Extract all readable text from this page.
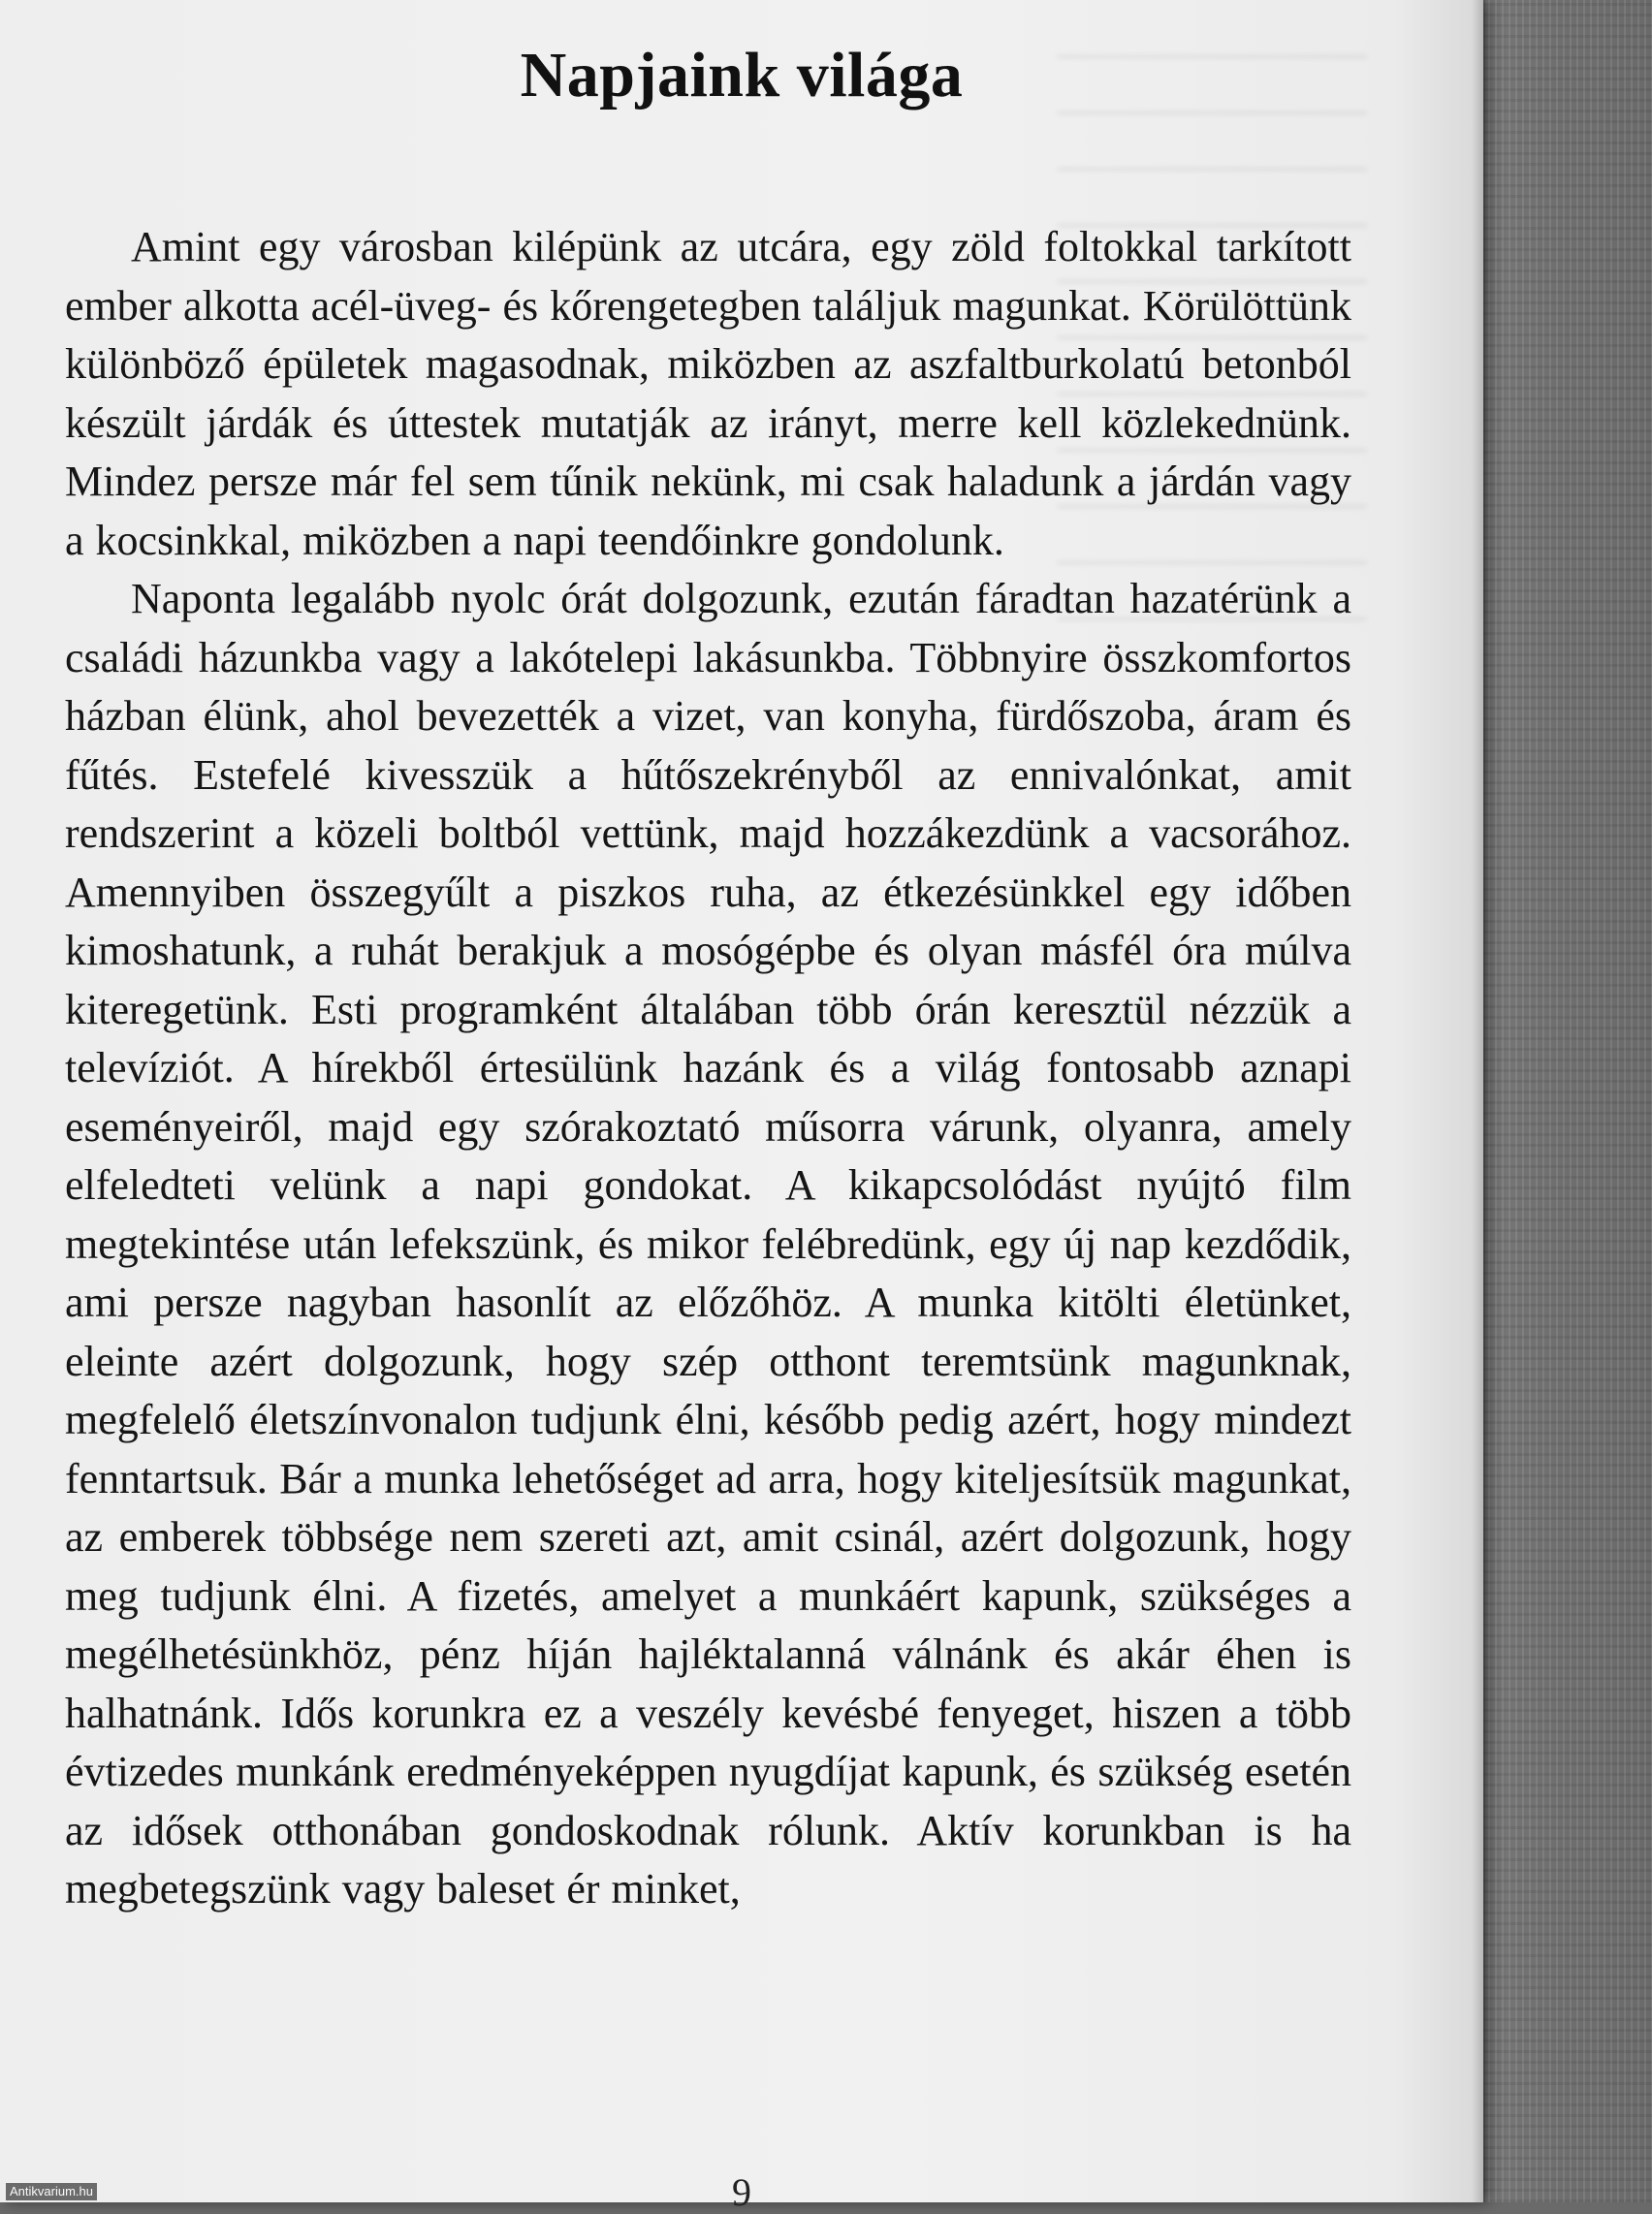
Napjaink világa

Amint egy városban kilépünk az utcára, egy zöld foltokkal tarkított ember alkotta acél-üveg- és kőrengetegben találjuk magunkat. Körülöttünk különböző épületek magasodnak, miközben az aszfaltburkolatú betonból készült járdák és úttestek mutatják az irányt, merre kell közlekednünk. Mindez persze már fel sem tűnik nekünk, mi csak haladunk a járdán vagy a kocsinkkal, miközben a napi teendőinkre gondolunk.

Naponta legalább nyolc órát dolgozunk, ezután fáradtan hazatérünk a családi házunkba vagy a lakótelepi lakásunkba. Többnyire összkomfortos házban élünk, ahol bevezették a vizet, van konyha, fürdőszoba, áram és fűtés. Estefelé kivesszük a hűtőszekrényből az ennivalónkat, amit rendszerint a közeli boltból vettünk, majd hozzákezdünk a vacsorához. Amennyiben összegyűlt a piszkos ruha, az étkezésünkkel egy időben kimoshatunk, a ruhát berakjuk a mosógépbe és olyan másfél óra múlva kiteregetünk. Esti programként általában több órán keresztül nézzük a televíziót. A hírekből értesülünk hazánk és a világ fontosabb aznapi eseményeiről, majd egy szórakoztató műsorra várunk, olyanra, amely elfeledteti velünk a napi gondokat. A kikapcsolódást nyújtó film megtekintése után lefekszünk, és mikor felébredünk, egy új nap kezdődik, ami persze nagyban hasonlít az előzőhöz. A munka kitölti életünket, eleinte azért dolgozunk, hogy szép otthont teremtsünk magunknak, megfelelő életszínvonalon tudjunk élni, később pedig azért, hogy mindezt fenntartsuk. Bár a munka lehetőséget ad arra, hogy kiteljesítsük magunkat, az emberek többsége nem szereti azt, amit csinál, azért dolgozunk, hogy meg tudjunk élni. A fizetés, amelyet a munkáért kapunk, szükséges a megélhetésünkhöz, pénz híján hajléktalanná válnánk és akár éhen is halhatnánk. Idős korunkra ez a veszély kevésbé fenyeget, hiszen a több évtizedes munkánk eredményeképpen nyugdíjat kapunk, és szükség esetén az idősek otthonában gondoskodnak rólunk. Aktív korunkban is ha megbetegszünk vagy baleset ér minket,

9
Antikvarium.hu
